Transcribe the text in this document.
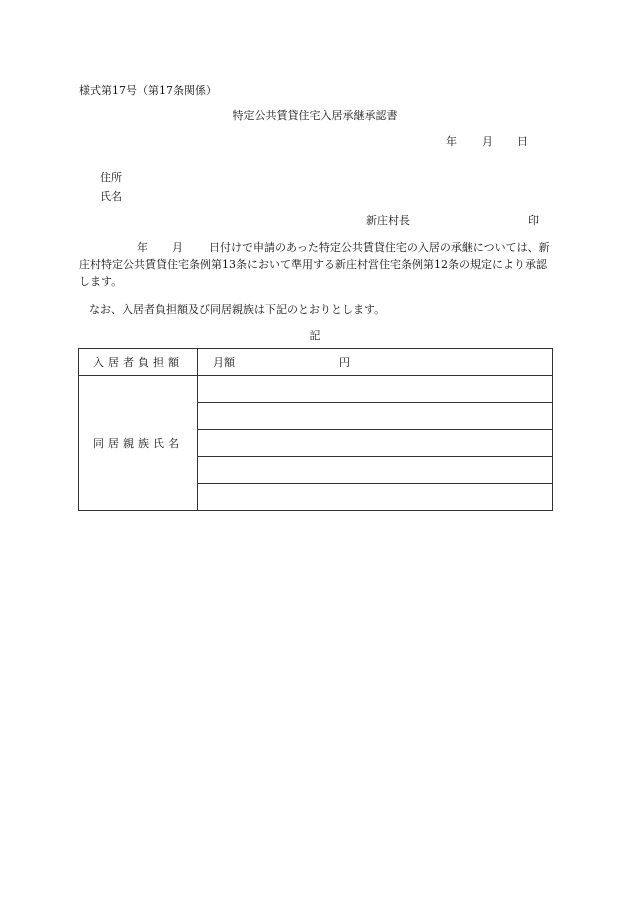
様式第17号（第17条関係）
特定公共賃貸住宅入居承継承認書
年 月 日
住所
氏名
新庄村長	印
年 月 日付けで申請のあった特定公共賃貸住宅の入居の承継については、新庄村特定公共賃貸住宅条例第13条において準用する新庄村営住宅条例第12条の規定により承認します。
なお、入居者負担額及び同居親族は下記のとおりとします。
記
入居者負担額	月額 円
同居親族氏名	
